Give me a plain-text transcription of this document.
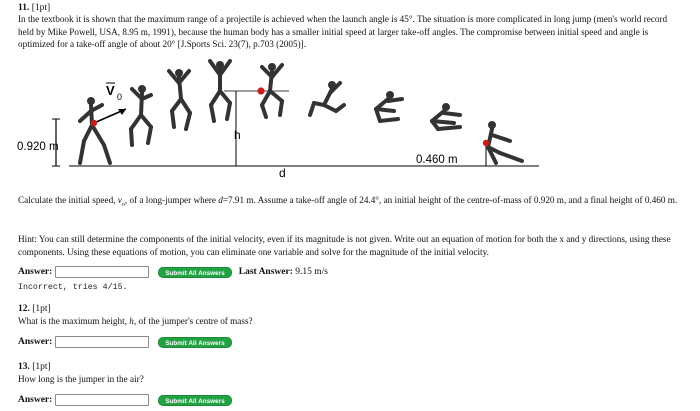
11. [1pt]
In the textbook it is shown that the maximum range of a projectile is achieved when the launch angle is 45°. The situation is more complicated in long jump (men's world record held by Mike Powell, USA, 8.95 m, 1991), because the human body has a smaller initial speed at larger take-off angles. The compromise between initial speed and angle is optimized for a take-off angle of about 20° [J.Sports Sci. 23(7), p.703 (2005)].
0.920 m
h
d
0.460 m
V 0
Calculate the initial speed, $v_o$, of a long-jumper where d=7.91 m. Assume a take-off angle of 24.4°, an initial height of the centre-of-mass of 0.920 m, and a final height of 0.460 m.
Hint: You can still determine the components of the initial velocity, even if its magnitude is not given. Write out an equation of motion for both the x and y directions, using these components. Using these equations of motion, you can eliminate one variable and solve for the magnitude of the initial velocity.
Answer:	Submit All Answers	Last Answer: 9.15 m/s
Incorrect, tries 4/15.
12. [1pt]
What is the maximum height, h, of the jumper's centre of mass?
Answer:	Submit All Answers
13. [1pt]
How long is the jumper in the air?
Answer:	Submit All Answers
